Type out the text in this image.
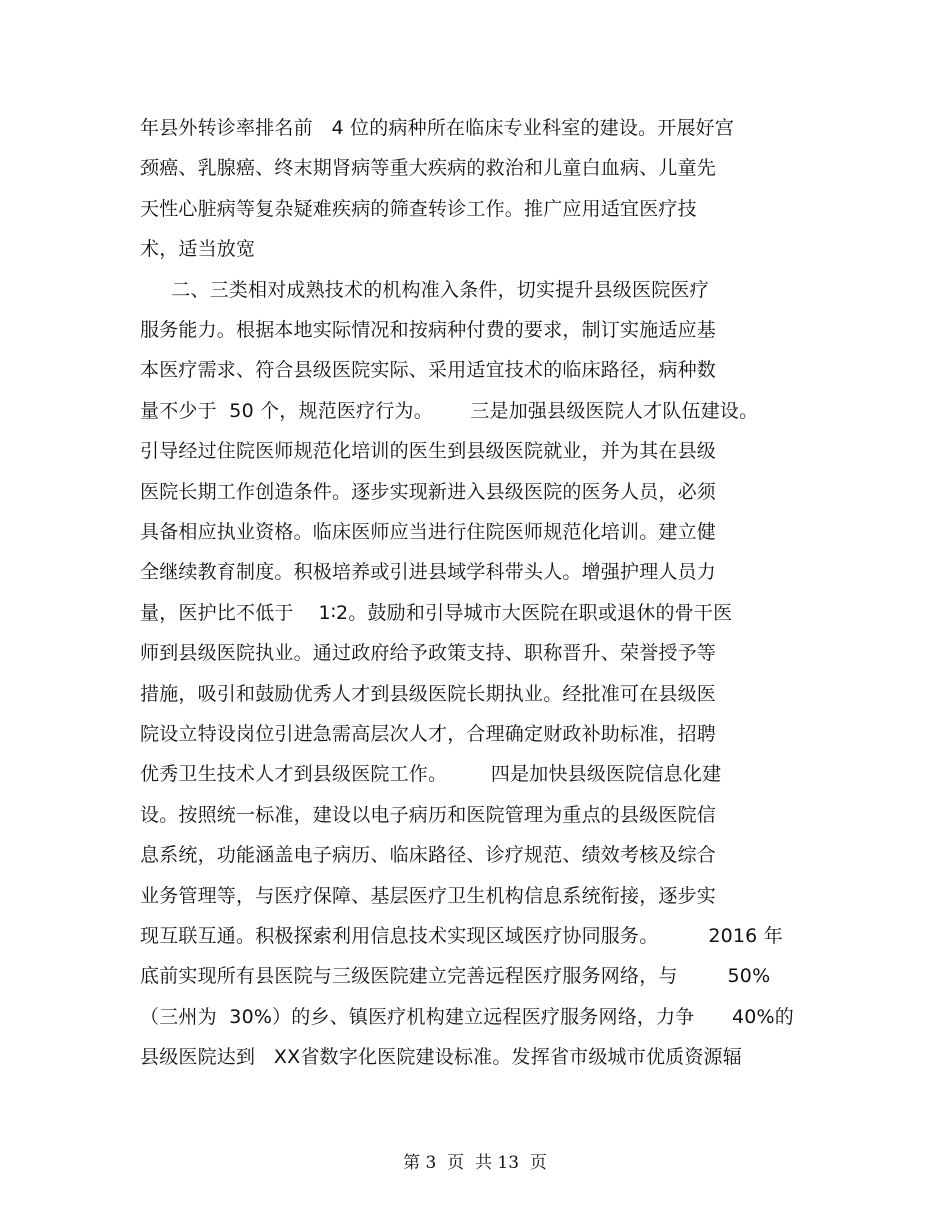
年县外转诊率排名前   4 位的病种所在临床专业科室的建设。开展好宫
颈癌、乳腺癌、终末期肾病等重大疾病的救治和儿童白血病、儿童先
天性心脏病等复杂疑难疾病的筛查转诊工作。推广应用适宜医疗技
术，适当放宽
二、三类相对成熟技术的机构准入条件，切实提升县级医院医疗
服务能力。根据本地实际情况和按病种付费的要求，制订实施适应基
本医疗需求、符合县级医院实际、采用适宜技术的临床路径，病种数
量不少于  50 个，规范医疗行为。      三是加强县级医院人才队伍建设。
引导经过住院医师规范化培训的医生到县级医院就业，并为其在县级
医院长期工作创造条件。逐步实现新进入县级医院的医务人员，必须
具备相应执业资格。临床医师应当进行住院医师规范化培训。建立健
全继续教育制度。积极培养或引进县域学科带头人。增强护理人员力
量，医护比不低于    1∶2。鼓励和引导城市大医院在职或退休的骨干医
师到县级医院执业。通过政府给予政策支持、职称晋升、荣誉授予等
措施，吸引和鼓励优秀人才到县级医院长期执业。经批准可在县级医
院设立特设岗位引进急需高层次人才，合理确定财政补助标准，招聘
优秀卫生技术人才到县级医院工作。       四是加快县级医院信息化建
设。按照统一标准，建设以电子病历和医院管理为重点的县级医院信
息系统，功能涵盖电子病历、临床路径、诊疗规范、绩效考核及综合
业务管理等，与医疗保障、基层医疗卫生机构信息系统衔接，逐步实
现互联互通。积极探索利用信息技术实现区域医疗协同服务。        2016 年
底前实现所有县医院与三级医院建立完善远程医疗服务网络，与        50%
（三州为  30%）的乡、镇医疗机构建立远程医疗服务网络，力争      40%的
县级医院达到   XX省数字化医院建设标准。发挥省市级城市优质资源辐
第 3  页  共 13  页
